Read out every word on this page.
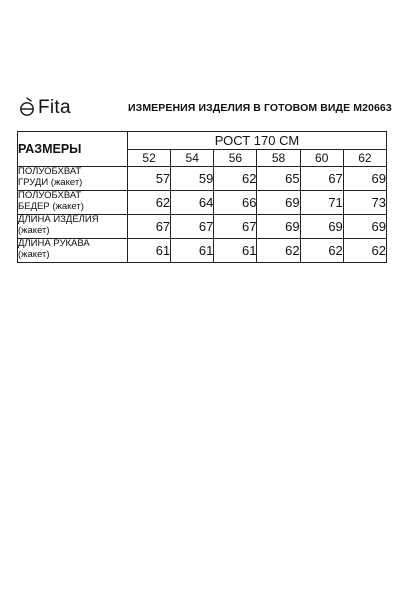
Fita	ИЗМЕРЕНИЯ ИЗДЕЛИЯ В ГОТОВОМ ВИДЕ М20663
РАЗМЕРЫ	РОСТ 170 СМ					
	52	54	56	58	60	62

ПОЛУОБХВАТ
ГРУДИ (жакет)	57	59	62	65	67	69

ПОЛУОБХВАТ
БЕДЕР (жакет)	62	64	66	69	71	73

ДЛИНА ИЗДЕЛИЯ
(жакет)	67	67	67	69	69	69

ДЛИНА РУКАВА
(жакет)	61	61	61	62	62	62
